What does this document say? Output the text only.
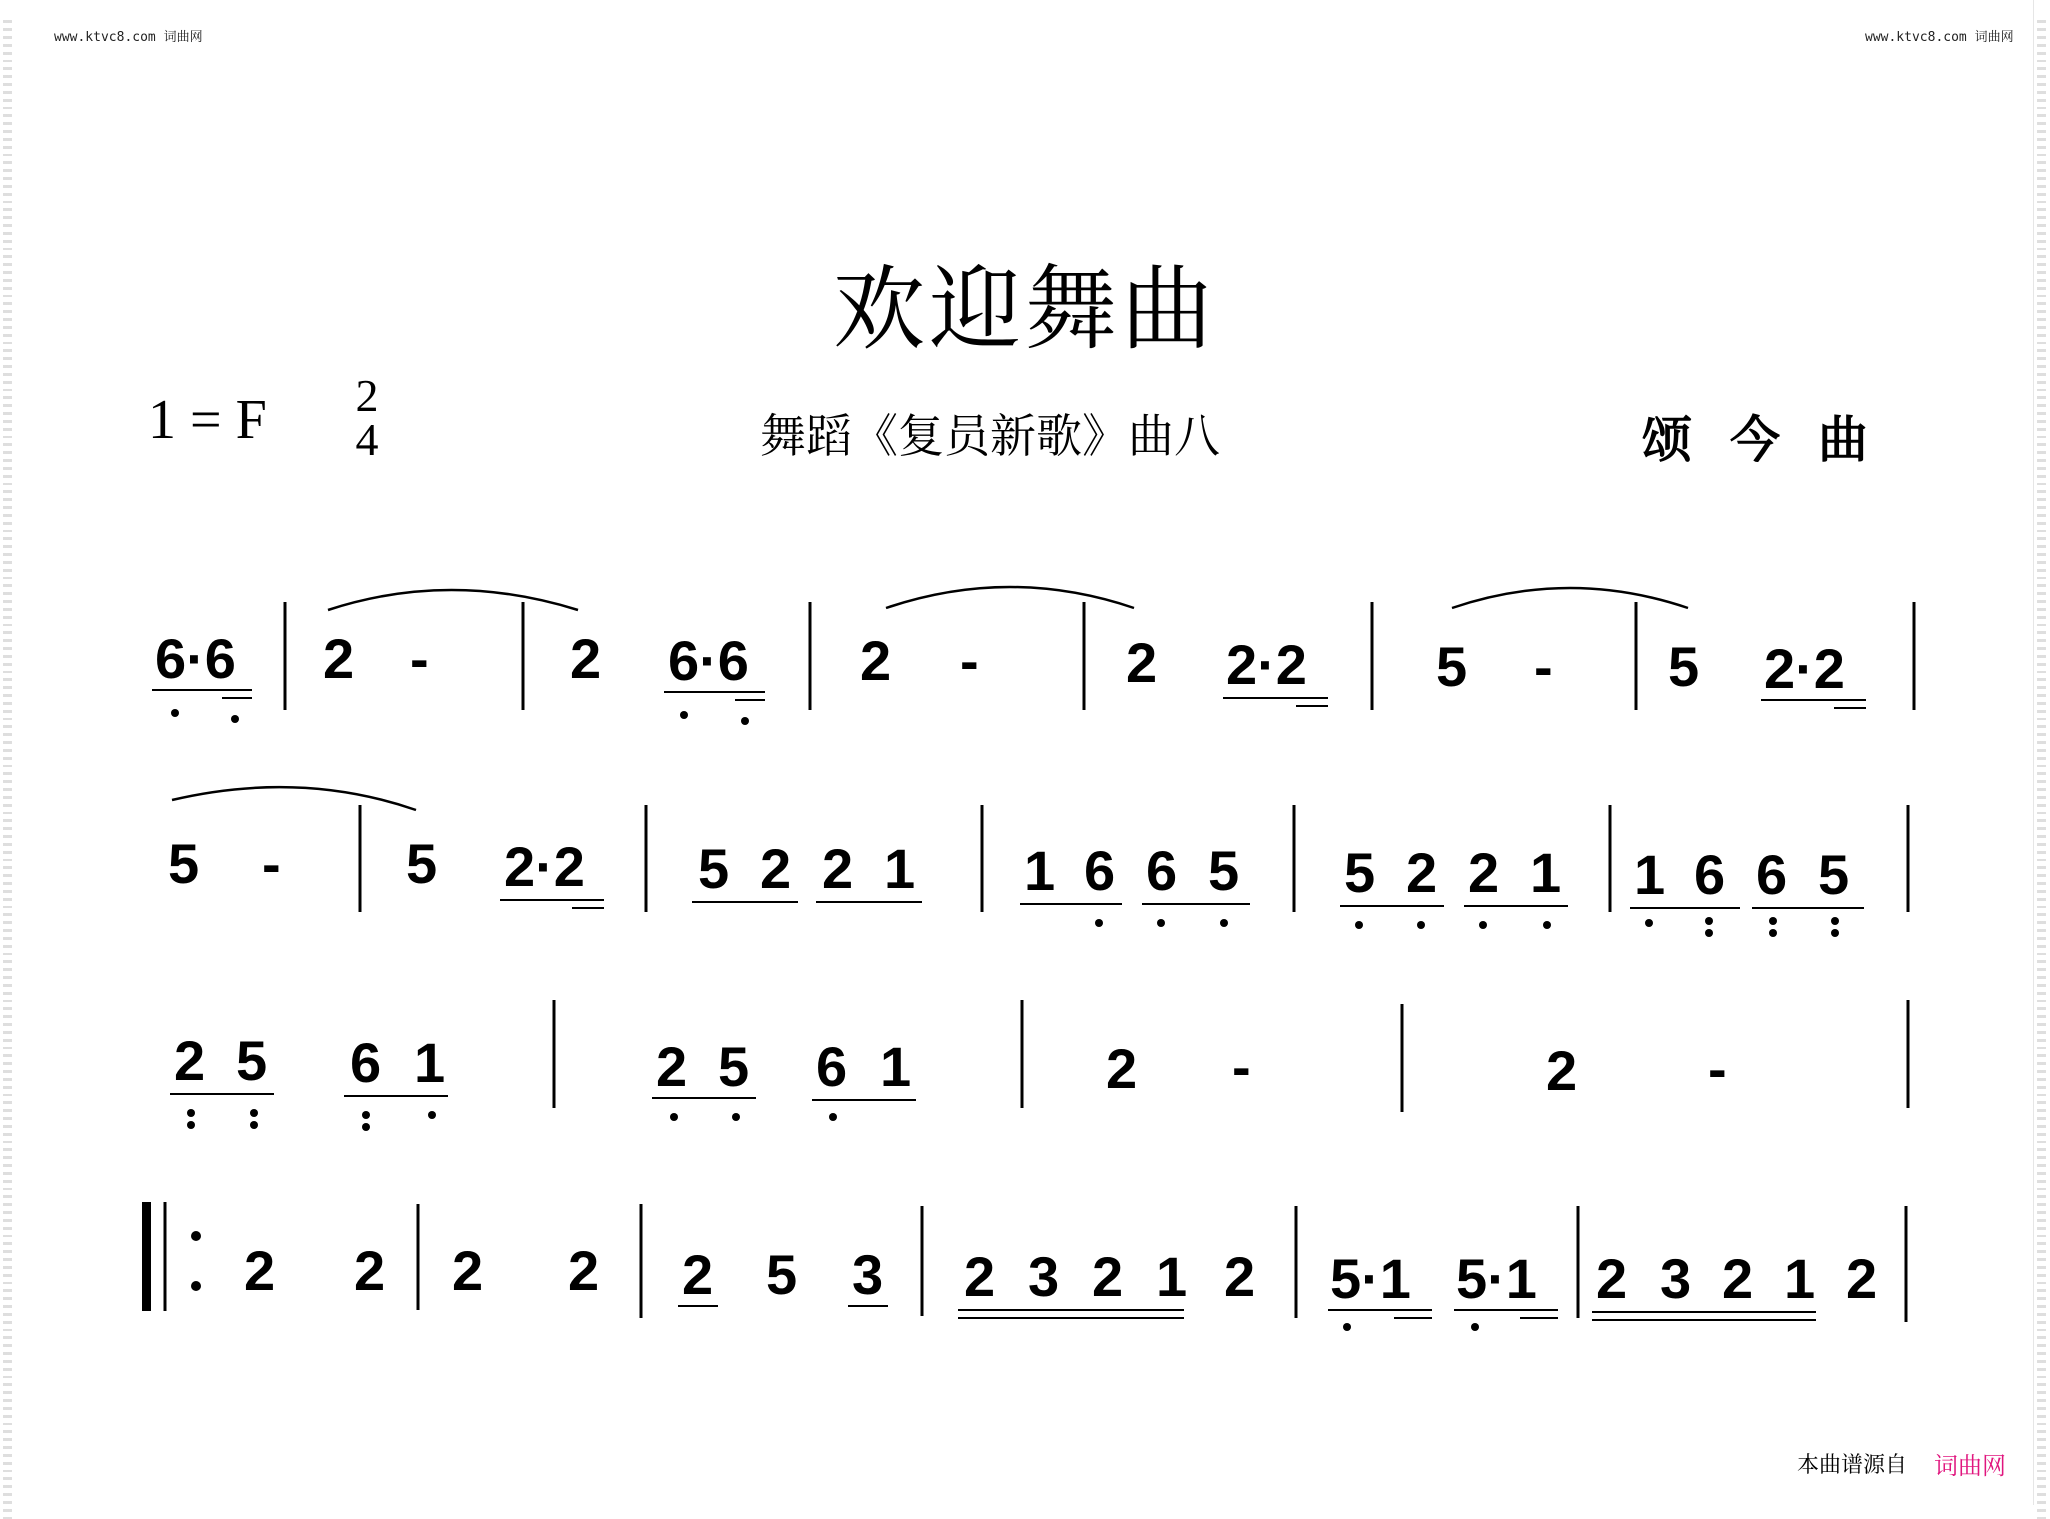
www.ktvc8.com 词曲网	www.ktvc8.com 词曲网
欢迎舞曲
1 = F 2
4	舞蹈《复员新歌》曲八	颂今曲
6·6 2 -	2 6·6 2 -	2 2·2 5 - 5 2·2
5 - 5 2·2 5 2 2 1 1 6 6 5 5 2 2 1 1 6 6 5
2 5 6 1	2 5 6 1	2 -	2 -
2 2 2 2 2 5 3 2 3 2 1 2 5·1 5·1 2 3 2 1 2
本曲谱源自 词曲网
